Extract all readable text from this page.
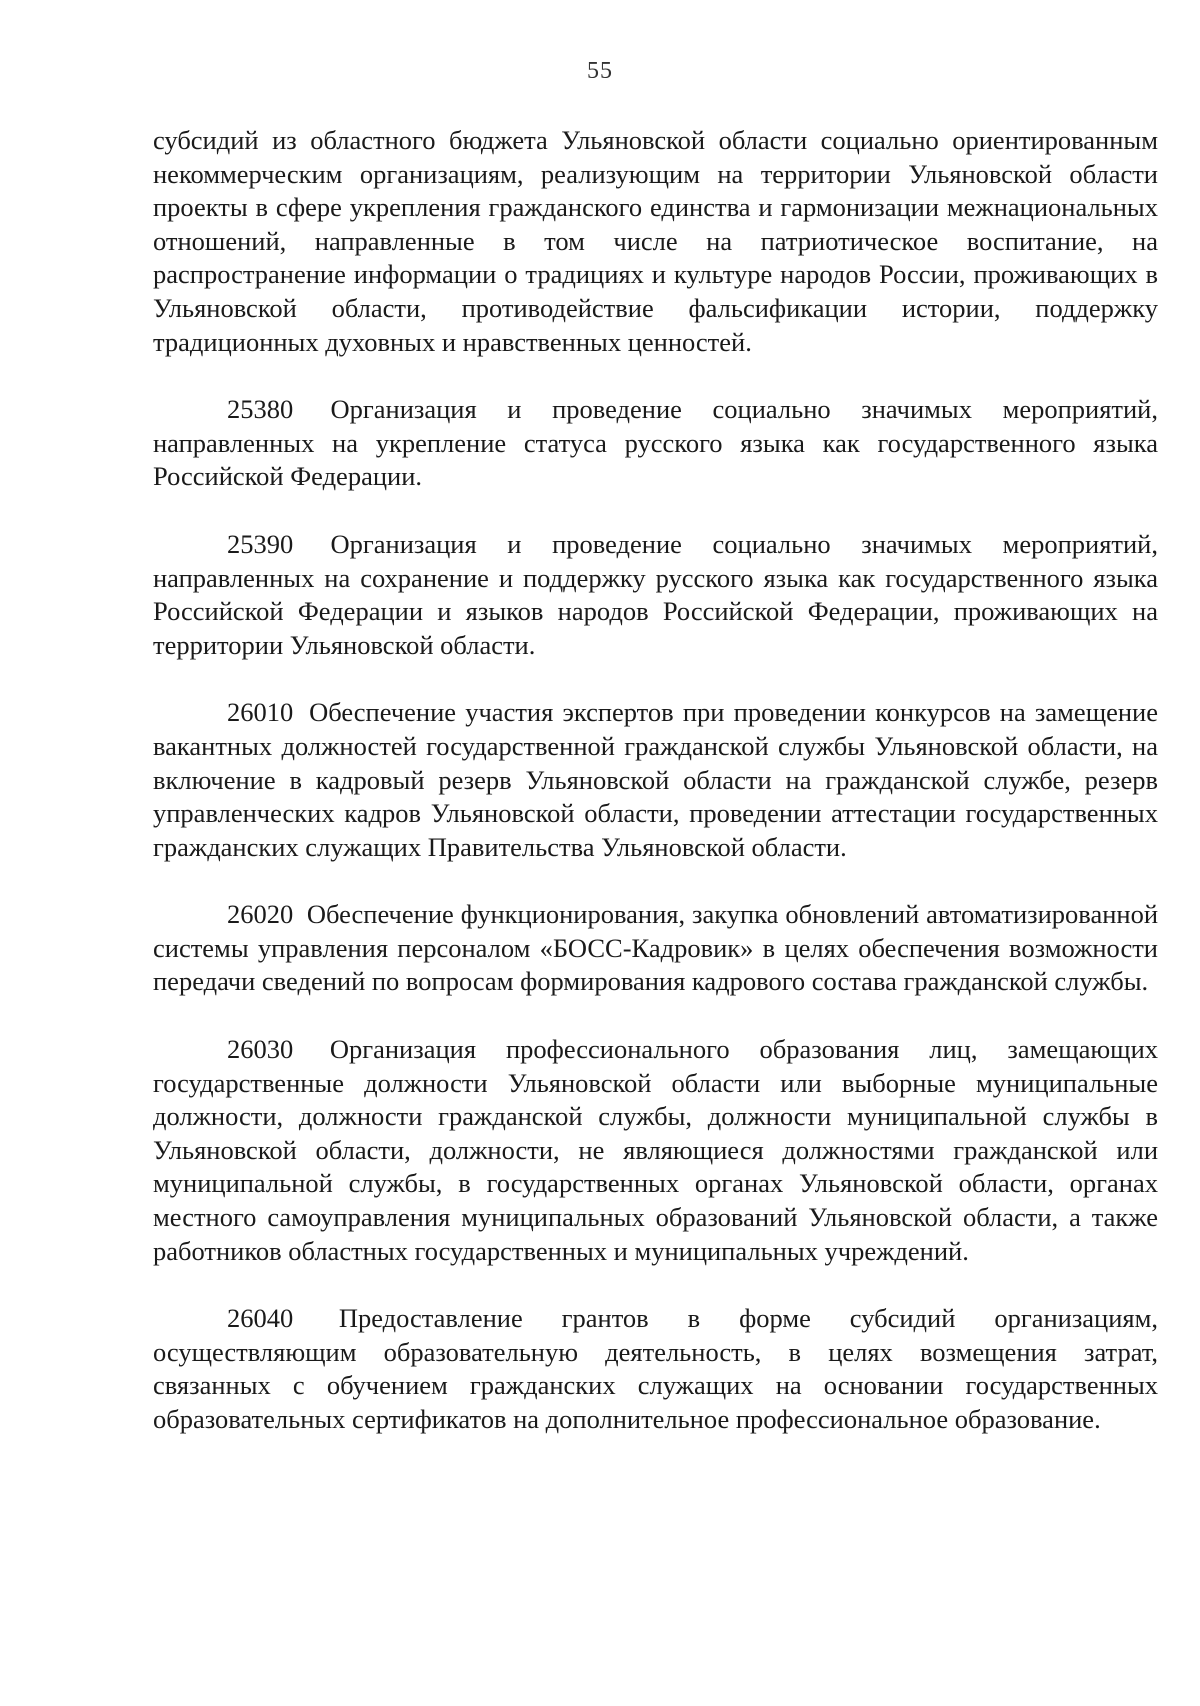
55

субсидий из областного бюджета Ульяновской области социально ориентированным некоммерческим организациям, реализующим на территории Ульяновской области проекты в сфере укрепления гражданского единства и гармонизации межнациональных отношений, направленные в том числе на патриотическое воспитание, на распространение информации о традициях и культуре народов России, проживающих в Ульяновской области, противодействие фальсификации истории, поддержку традиционных духовных и нравственных ценностей.

25380 Организация и проведение социально значимых мероприятий, направленных на укрепление статуса русского языка как государственного языка Российской Федерации.

25390 Организация и проведение социально значимых мероприятий, направленных на сохранение и поддержку русского языка как государственного языка Российской Федерации и языков народов Российской Федерации, проживающих на территории Ульяновской области.

26010 Обеспечение участия экспертов при проведении конкурсов на замещение вакантных должностей государственной гражданской службы Ульяновской области, на включение в кадровый резерв Ульяновской области на гражданской службе, резерв управленческих кадров Ульяновской области, проведении аттестации государственных гражданских служащих Правительства Ульяновской области.

26020 Обеспечение функционирования, закупка обновлений автоматизированной системы управления персоналом «БОСС-Кадровик» в целях обеспечения возможности передачи сведений по вопросам формирования кадрового состава гражданской службы.

26030 Организация профессионального образования лиц, замещающих государственные должности Ульяновской области или выборные муниципальные должности, должности гражданской службы, должности муниципальной службы в Ульяновской области, должности, не являющиеся должностями гражданской или муниципальной службы, в государственных органах Ульяновской области, органах местного самоуправления муниципальных образований Ульяновской области, а также работников областных государственных и муниципальных учреждений.

26040 Предоставление грантов в форме субсидий организациям, осуществляющим образовательную деятельность, в целях возмещения затрат, связанных с обучением гражданских служащих на основании государственных образовательных сертификатов на дополнительное профессиональное образование.
